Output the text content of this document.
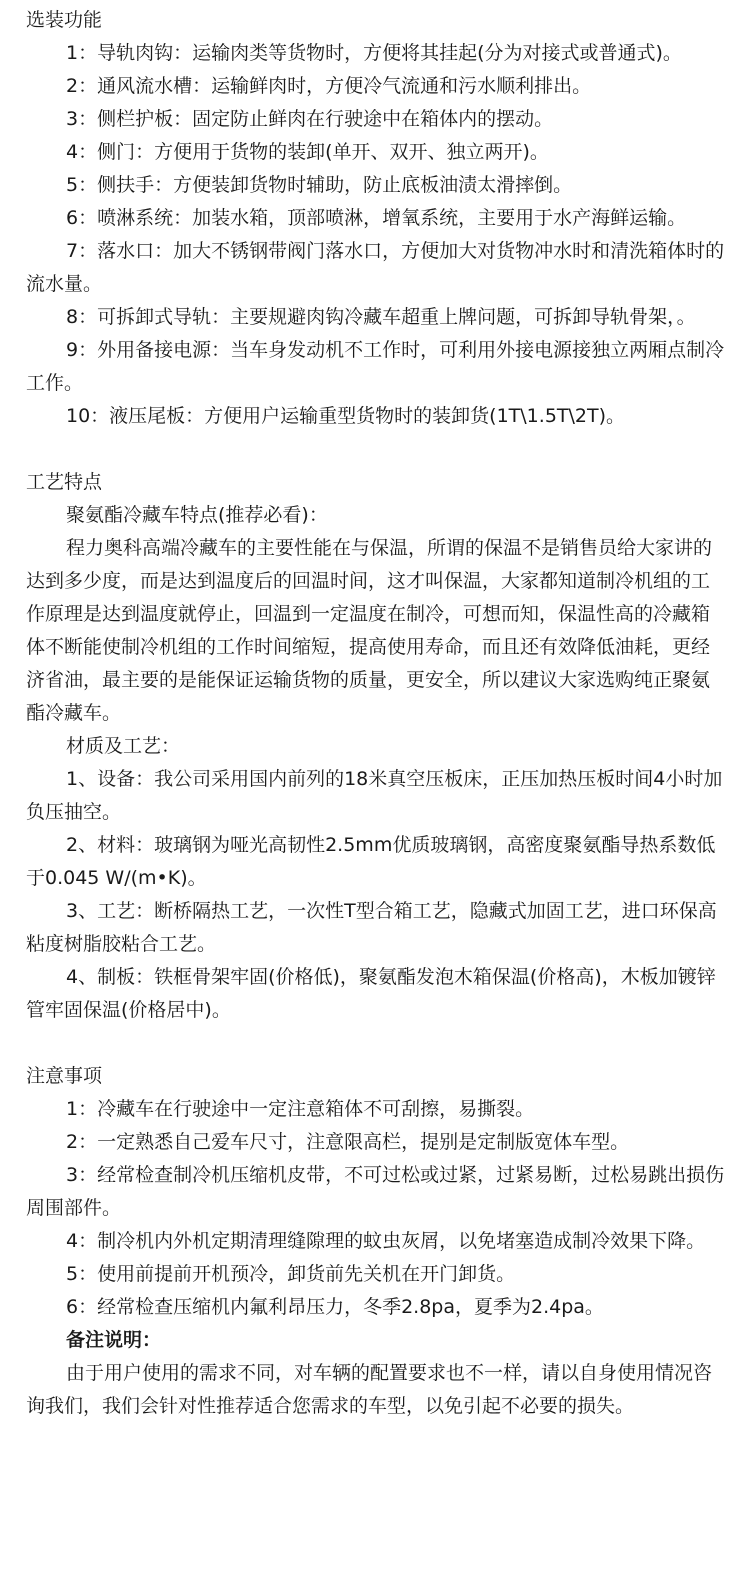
选装功能

1：导轨肉钩：运输肉类等货物时，方便将其挂起(分为对接式或普通式)。

2：通风流水槽：运输鲜肉时，方便冷气流通和污水顺利排出。

3：侧栏护板：固定防止鲜肉在行驶途中在箱体内的摆动。

4：侧门：方便用于货物的装卸(单开、双开、独立两开)。

5：侧扶手：方便装卸货物时辅助，防止底板油渍太滑摔倒。

6：喷淋系统：加装水箱，顶部喷淋，增氧系统，主要用于水产海鲜运输。

7：落水口：加大不锈钢带阀门落水口，方便加大对货物冲水时和清洗箱体时的流水量。

8：可拆卸式导轨：主要规避肉钩冷藏车超重上牌问题，可拆卸导轨骨架，。

9：外用备接电源：当车身发动机不工作时，可利用外接电源接独立两厢点制冷工作。

10：液压尾板：方便用户运输重型货物时的装卸货(1T\1.5T\2T)。

工艺特点

聚氨酯冷藏车特点(推荐必看)：

程力奥科高端冷藏车的主要性能在与保温，所谓的保温不是销售员给大家讲的达到多少度，而是达到温度后的回温时间，这才叫保温，大家都知道制冷机组的工作原理是达到温度就停止，回温到一定温度在制冷，可想而知，保温性高的冷藏箱体不断能使制冷机组的工作时间缩短，提高使用寿命，而且还有效降低油耗，更经济省油，最主要的是能保证运输货物的质量，更安全，所以建议大家选购纯正聚氨酯冷藏车。

材质及工艺：

1、设备：我公司采用国内前列的18米真空压板床，正压加热压板时间4小时加负压抽空。

2、材料：玻璃钢为哑光高韧性2.5mm优质玻璃钢，高密度聚氨酯导热系数低于0.045 W/(m•K)。

3、工艺：断桥隔热工艺，一次性T型合箱工艺，隐藏式加固工艺，进口环保高粘度树脂胶粘合工艺。

4、制板：铁框骨架牢固(价格低)，聚氨酯发泡木箱保温(价格高)，木板加镀锌管牢固保温(价格居中)。

注意事项

1：冷藏车在行驶途中一定注意箱体不可刮擦，易撕裂。

2：一定熟悉自己爱车尺寸，注意限高栏，提别是定制版宽体车型。

3：经常检查制冷机压缩机皮带，不可过松或过紧，过紧易断，过松易跳出损伤周围部件。

4：制冷机内外机定期清理缝隙理的蚊虫灰屑，以免堵塞造成制冷效果下降。

5：使用前提前开机预冷，卸货前先关机在开门卸货。

6：经常检查压缩机内氟利昂压力，冬季2.8pa，夏季为2.4pa。

备注说明：

由于用户使用的需求不同，对车辆的配置要求也不一样，请以自身使用情况咨询我们，我们会针对性推荐适合您需求的车型，以免引起不必要的损失。
